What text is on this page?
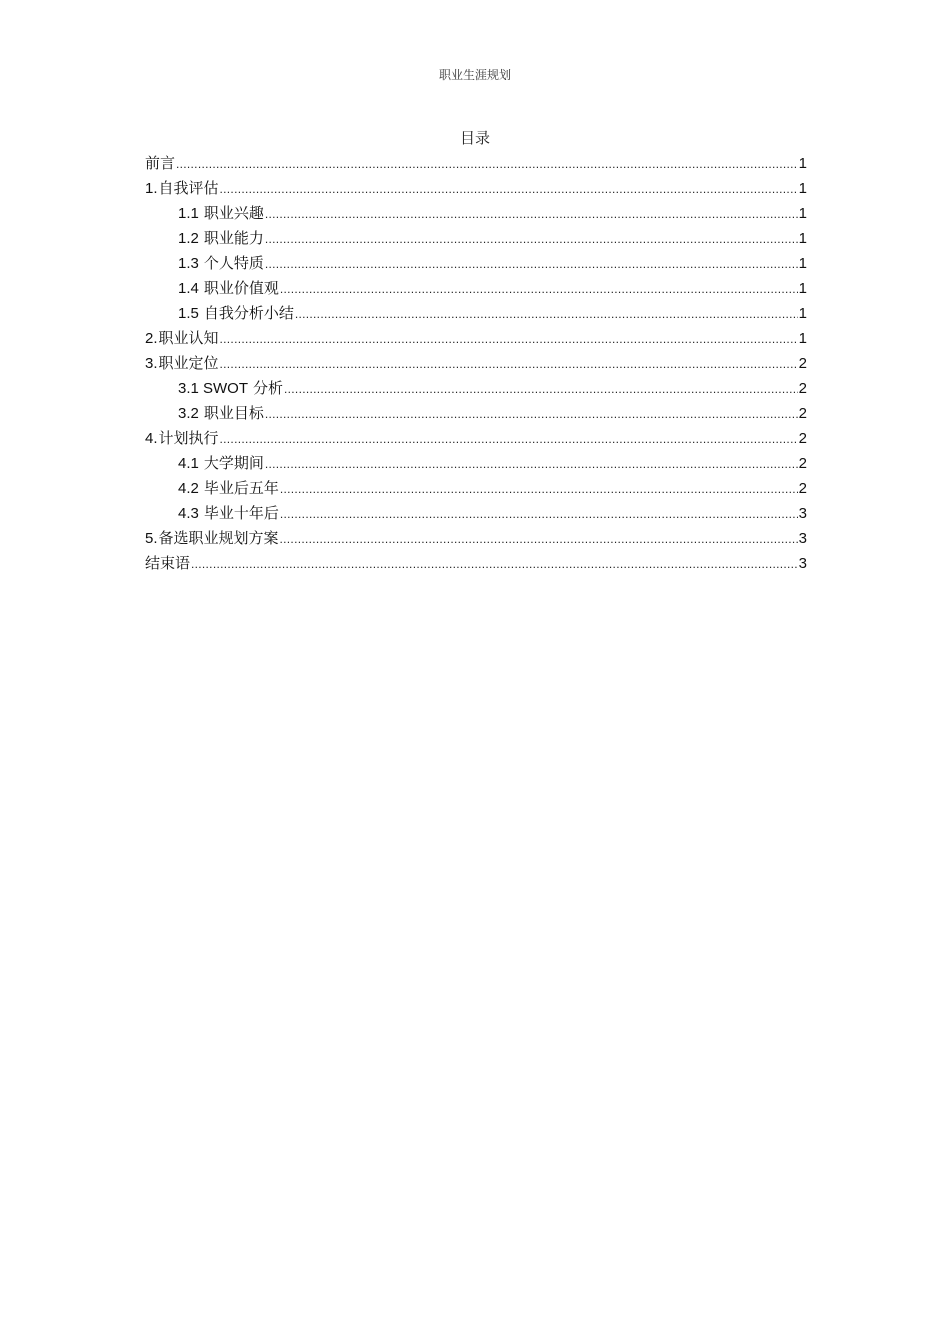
职业生涯规划
目录
前言 .....	1
1. 自我评估 .....	1
1.1 职业兴趣 .....	1
1.2 职业能力 .....	1
1.3 个人特质 .....	1
1.4 职业价值观 .....	1
1.5 自我分析小结 .....	1
2. 职业认知 .....	1
3. 职业定位 .....	2
3.1 SWOT 分析 .....	2
3.2 职业目标 .....	2
4. 计划执行 .....	2
4.1 大学期间 .....	2
4.2 毕业后五年 .....	2
4.3 毕业十年后 .....	3
5. 备选职业规划方案 .....	3
结束语 .....	3
